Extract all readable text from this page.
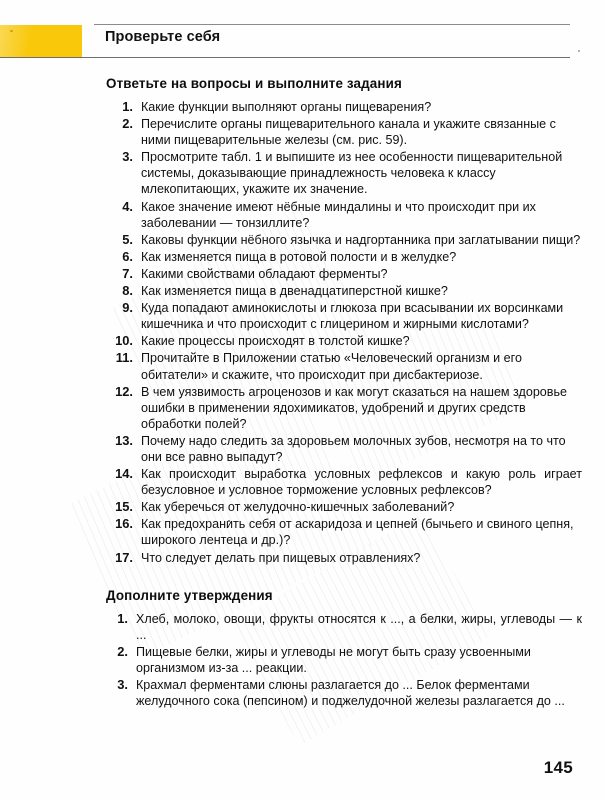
Проверьте себя
Ответьте на вопросы и выполните задания
1. Какие функции выполняют органы пищеварения?
2. Перечислите органы пищеварительного канала и укажите связанные с ними пищеварительные железы (см. рис. 59).
3. Просмотрите табл. 1 и выпишите из нее особенности пищеварительной системы, доказывающие принадлежность человека к классу млекопитающих, укажите их значение.
4. Какое значение имеют нёбные миндалины и что происходит при их заболевании — тонзиллите?
5. Каковы функции нёбного язычка и надгортанника при заглатывании пищи?
6. Как изменяется пища в ротовой полости и в желудке?
7. Какими свойствами обладают ферменты?
8. Как изменяется пища в двенадцатиперстной кишке?
9. Куда попадают аминокислоты и глюкоза при всасывании их ворсинками кишечника и что происходит с глицерином и жирными кислотами?
10. Какие процессы происходят в толстой кишке?
11. Прочитайте в Приложении статью «Человеческий организм и его обитатели» и скажите, что происходит при дисбактериозе.
12. В чем уязвимость агроценозов и как могут сказаться на нашем здоровье ошибки в применении ядохимикатов, удобрений и других средств обработки полей?
13. Почему надо следить за здоровьем молочных зубов, несмотря на то что они все равно выпадут?
14. Как происходит выработка условных рефлексов и какую роль играет безусловное и условное торможение условных рефлексов?
15. Как уберечься от желудочно-кишечных заболеваний?
16. Как предохранить себя от аскаридоза и цепней (бычьего и свиного цепня, широкого лентеца и др.)?
17. Что следует делать при пищевых отравлениях?
Дополните утверждения
1. Хлеб, молоко, овощи, фрукты относятся к ..., а белки, жиры, углеводы — к ...
2. Пищевые белки, жиры и углеводы не могут быть сразу усвоенными организмом из-за ... реакции.
3. Крахмал ферментами слюны разлагается до ... Белок ферментами желудочного сока (пепсином) и поджелудочной железы разлагается до ...
145
